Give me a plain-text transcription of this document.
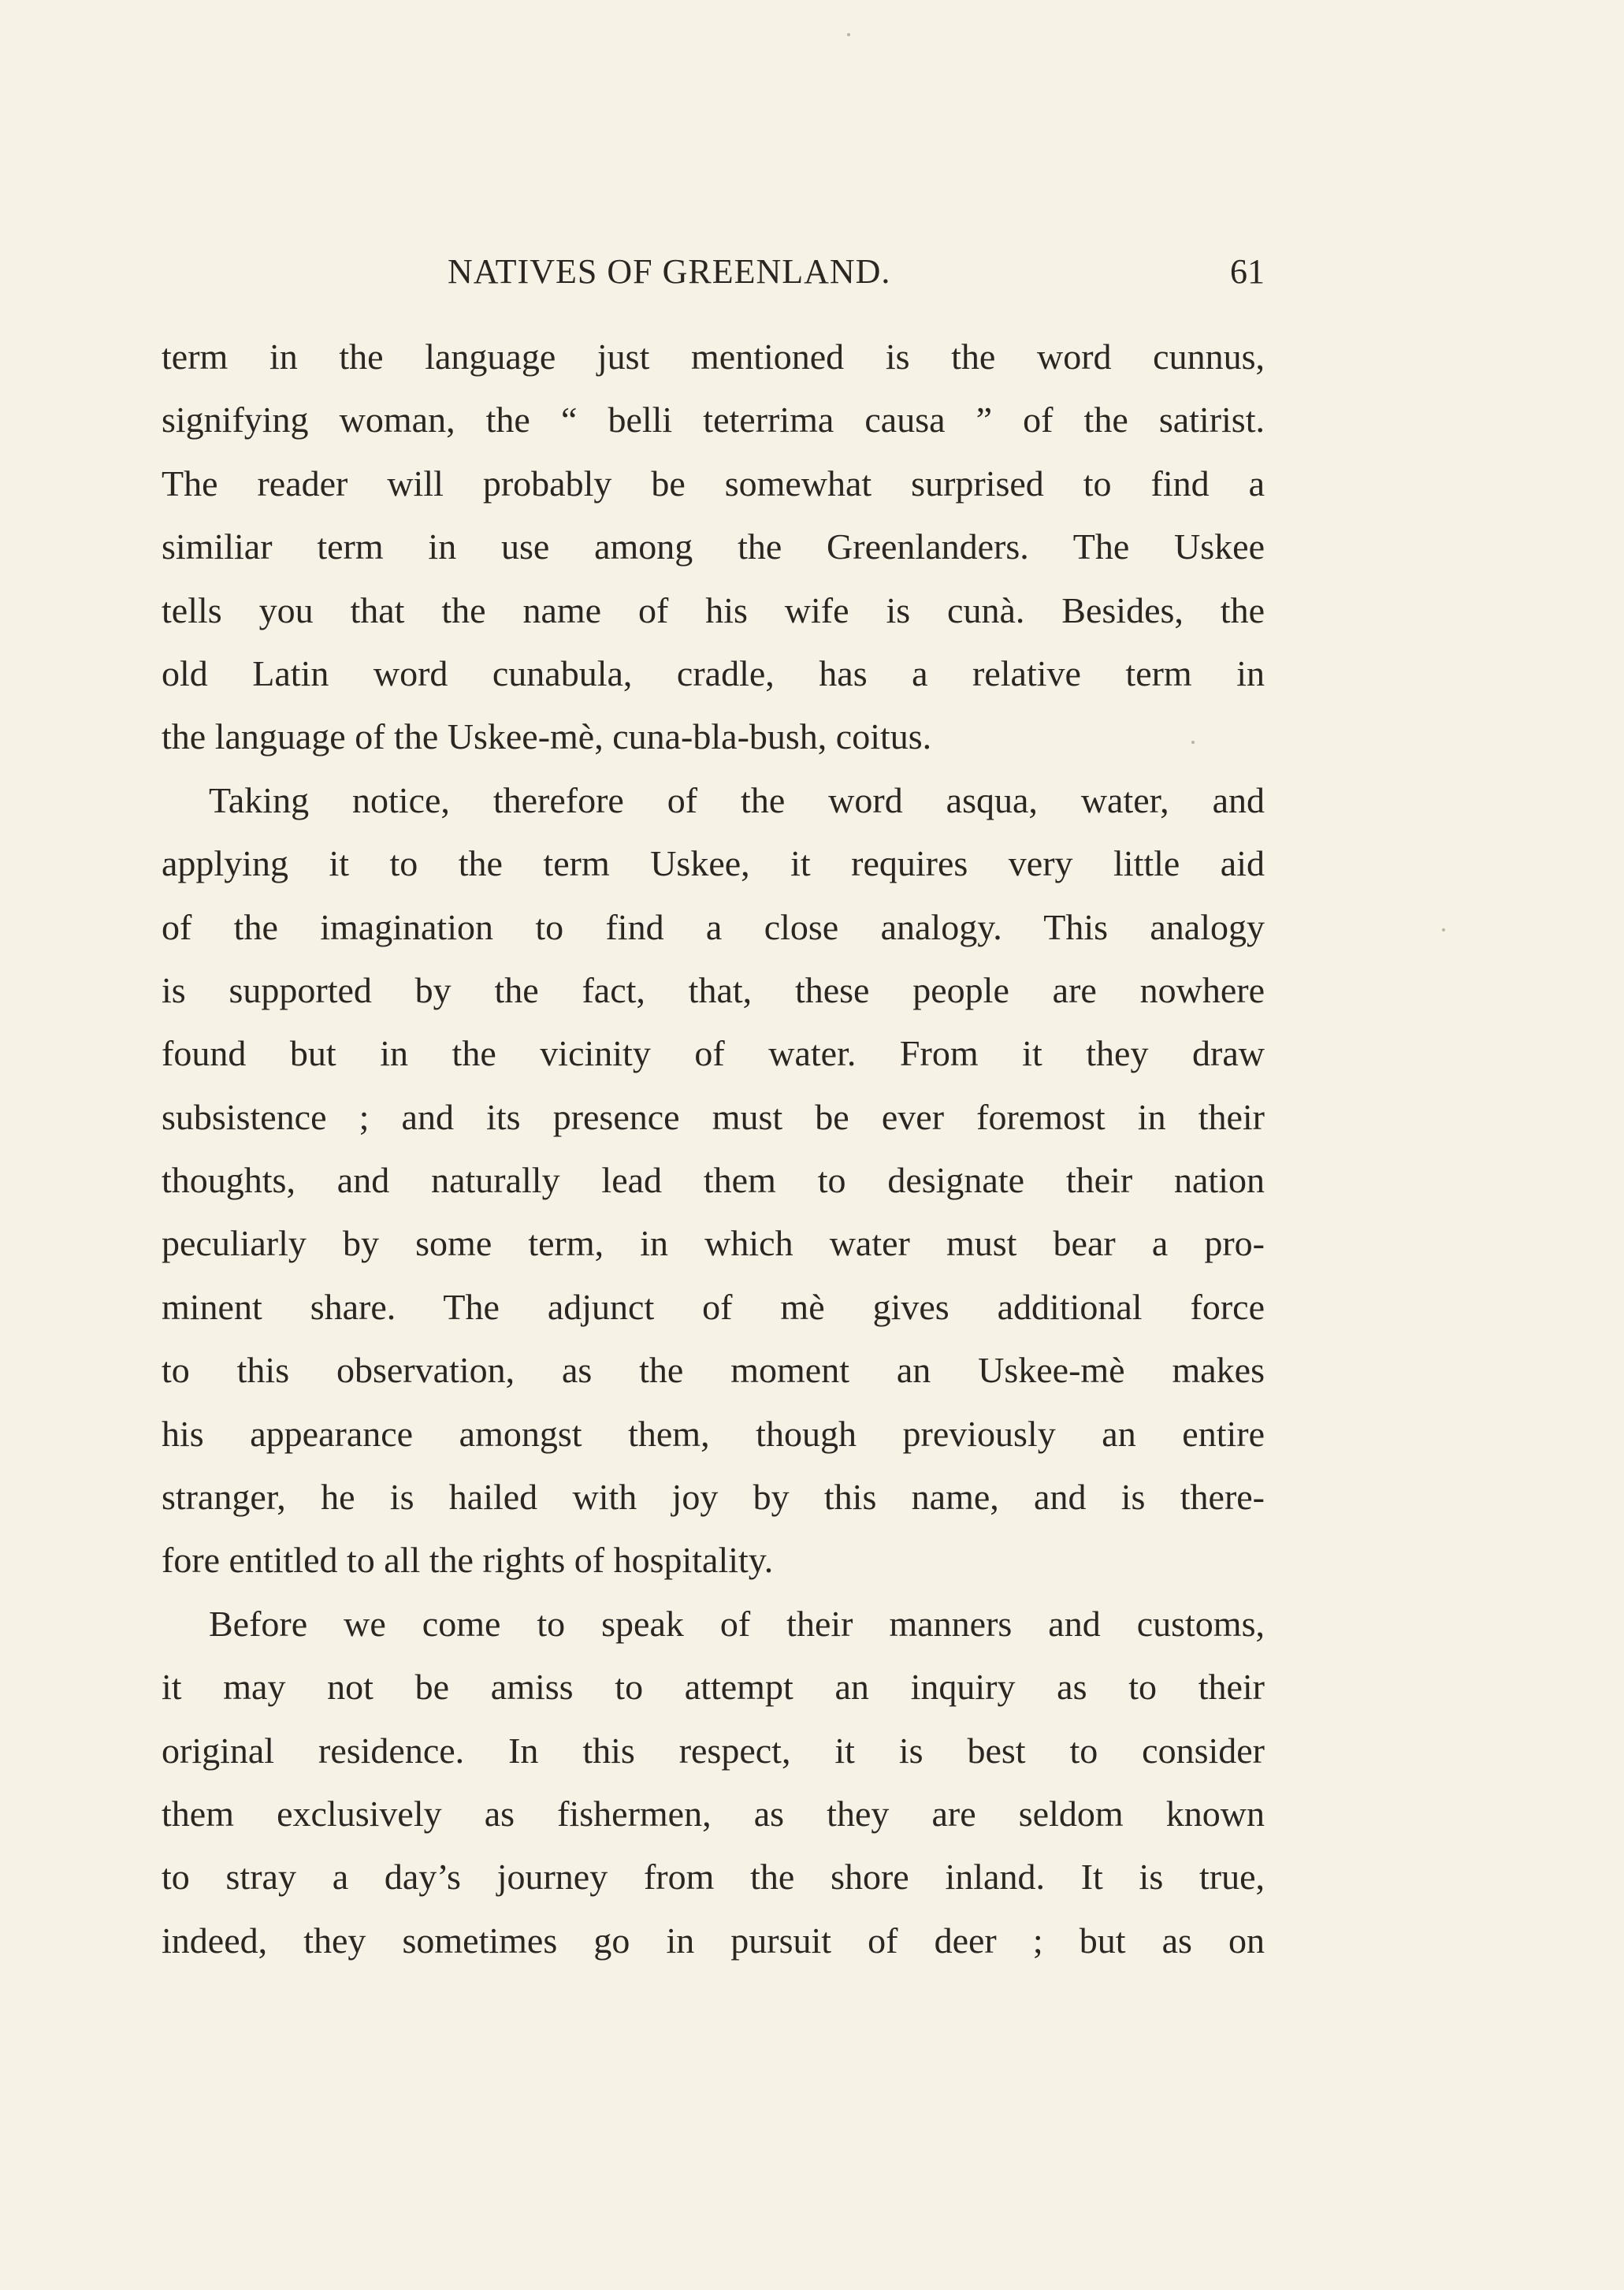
NATIVES OF GREENLAND.	61
term in the language just mentioned is the word cunnus,
signifying woman, the “ belli teterrima causa ” of the satirist.
The reader will probably be somewhat surprised to find a
similiar term in use among the Greenlanders. The Uskee
tells you that the name of his wife is cunà. Besides, the
old Latin word cunabula, cradle, has a relative term in
the language of the Uskee-mè, cuna-bla-bush, coitus.
Taking notice, therefore of the word asqua, water, and
applying it to the term Uskee, it requires very little aid
of the imagination to find a close analogy. This analogy
is supported by the fact, that, these people are nowhere
found but in the vicinity of water. From it they draw
subsistence ; and its presence must be ever foremost in their
thoughts, and naturally lead them to designate their nation
peculiarly by some term, in which water must bear a pro-
minent share. The adjunct of mè gives additional force
to this observation, as the moment an Uskee-mè makes
his appearance amongst them, though previously an entire
stranger, he is hailed with joy by this name, and is there-
fore entitled to all the rights of hospitality.
Before we come to speak of their manners and customs,
it may not be amiss to attempt an inquiry as to their
original residence. In this respect, it is best to consider
them exclusively as fishermen, as they are seldom known
to stray a day’s journey from the shore inland. It is true,
indeed, they sometimes go in pursuit of deer ; but as on
